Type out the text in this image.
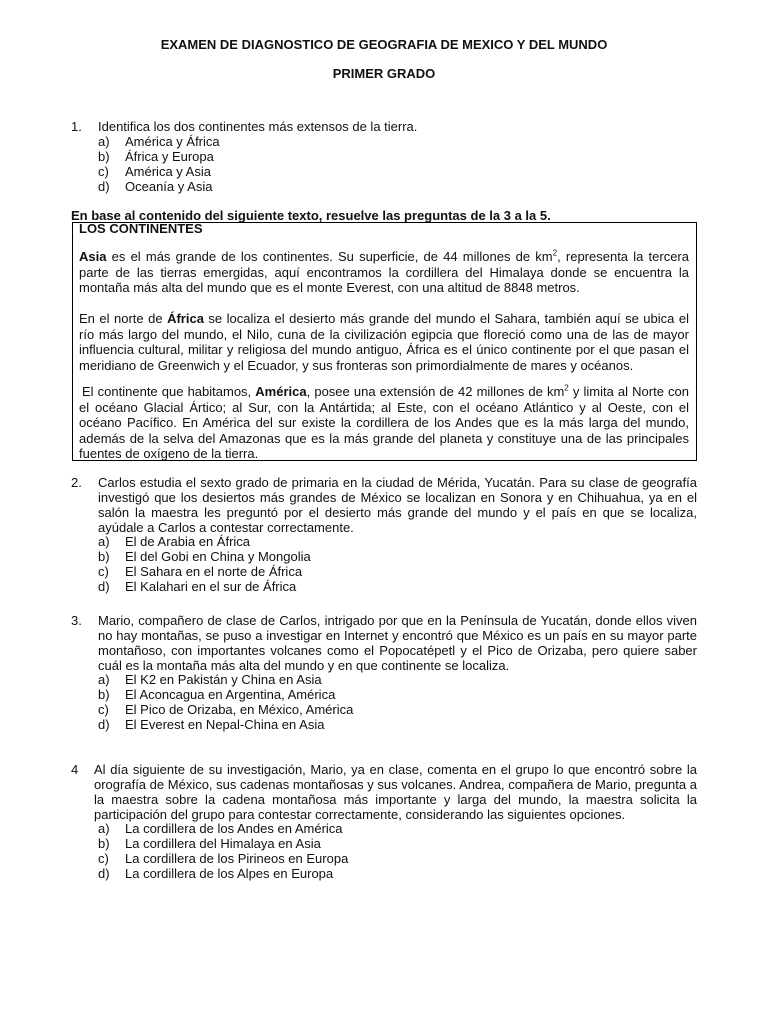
EXAMEN DE DIAGNOSTICO DE GEOGRAFIA DE MEXICO Y DEL MUNDO
PRIMER GRADO
1. Identifica los dos continentes más extensos de la tierra.
a) América y África
b) África y Europa
c) América y Asia
d) Oceanía y Asia
En base al contenido del siguiente texto, resuelve las preguntas de la 3 a la 5.
LOS CONTINENTES
Asia es el más grande de los continentes. Su superficie, de 44 millones de $km^2$, representa la tercera parte de las tierras emergidas, aquí encontramos la cordillera del Himalaya donde se encuentra la montaña más alta del mundo que es el monte Everest, con una altitud de 8848 metros.
En el norte de África se localiza el desierto más grande del mundo el Sahara, también aquí se ubica el río más largo del mundo, el Nilo, cuna de la civilización egipcia que floreció como una de las de mayor influencia cultural, militar y religiosa del mundo antiguo, África es el único continente por el que pasan el meridiano de Greenwich y el Ecuador, y sus fronteras son primordialmente de mares y océanos.
El continente que habitamos, América, posee una extensión de 42 millones de $km^2$ y limita al Norte con el océano Glacial Ártico; al Sur, con la Antártida; al Este, con el océano Atlántico y al Oeste, con el océano Pacífico. En América del sur existe la cordillera de los Andes que es la más larga del mundo, además de la selva del Amazonas que es la más grande del planeta y constituye una de las principales fuentes de oxígeno de la tierra.
2. Carlos estudia el sexto grado de primaria en la ciudad de Mérida, Yucatán. Para su clase de geografía investigó que los desiertos más grandes de México se localizan en Sonora y en Chihuahua, ya en el salón la maestra les preguntó por el desierto más grande del mundo y el país en que se localiza, ayúdale a Carlos a contestar correctamente.
a) El de Arabia en África
b) El del Gobi en China y Mongolia
c) El Sahara en el norte de África
d) El Kalahari en el sur de África
3. Mario, compañero de clase de Carlos, intrigado por que en la Península de Yucatán, donde ellos viven no hay montañas, se puso a investigar en Internet y encontró que México es un país en su mayor parte montañoso, con importantes volcanes como el Popocatépetl y el Pico de Orizaba, pero quiere saber cuál es la montaña más alta del mundo y en que continente se localiza.
a) El K2 en Pakistán y China en Asia
b) El Aconcagua en Argentina, América
c) El Pico de Orizaba, en México, América
d) El Everest en Nepal-China en Asia
4 Al día siguiente de su investigación, Mario, ya en clase, comenta en el grupo lo que encontró sobre la orografía de México, sus cadenas montañosas y sus volcanes. Andrea, compañera de Mario, pregunta a la maestra sobre la cadena montañosa más importante y larga del mundo, la maestra solicita la participación del grupo para contestar correctamente, considerando las siguientes opciones.
a) La cordillera de los Andes en América
b) La cordillera del Himalaya en Asia
c) La cordillera de los Pirineos en Europa
d) La cordillera de los Alpes en Europa
